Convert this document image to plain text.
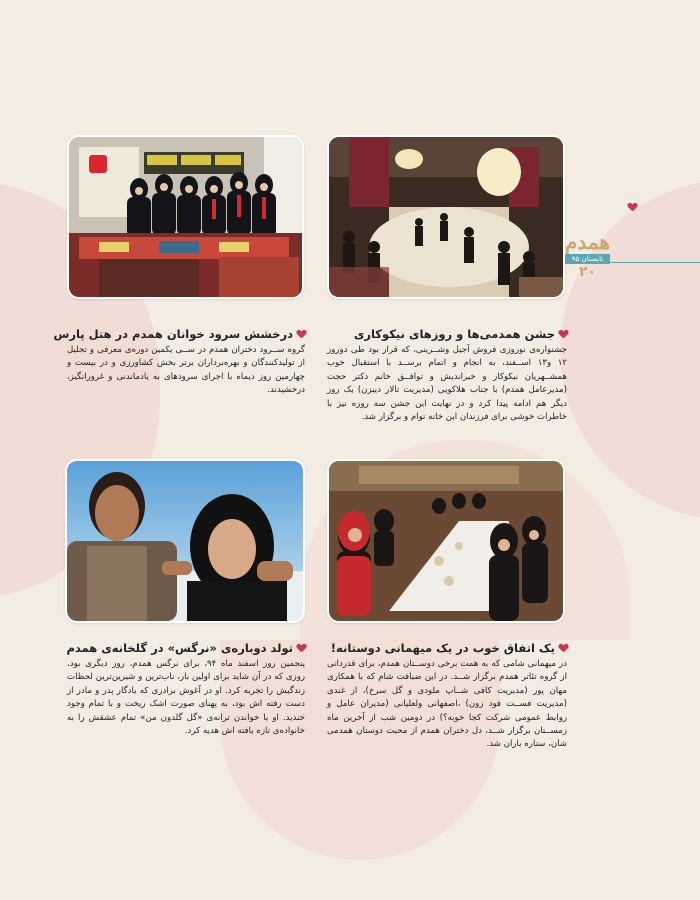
جشن همدمی‌ها و روزهای نیکوکاری

جشنواره‌ی نوروزی فروش آجیل وشــرینی، که قرار بود طی دوروز ۱۲ و۱۳ اســفند، به انجام و اتمام برســد با استقبال خوب همشــهریان نیکوکار و خیراندیش و توافــق خانم دکتر حجت (مدیرعامل همدم) با جناب هلاکویی (مدیریت تالار دیبزن) یک روز دیگر هم ادامه پیدا کرد و در نهایت این جشن سه روزه نیز با خاطرات خوشی برای فرزندان این خانه توام و برگزار شد.

درخشش سرود خوانان همدم در هتل پارس

گروه ســرود دختران همدم در ســی یکمین دوره‌ی معرفی و تجلیل از تولیدکنندگان و بهره‌برداران برتر بخش کشاورزی و در بیست و چهارمین روز دیماه با اجرای سرودهای به یادماندنی و غرورانگیز، درخشیدند.

یک اتفاق خوب در یک میهمانی دوستانه!

در میهمانی شامی که به همت برخی دوســتان همدم، برای قدردانی از گروه تئاتر همدم برگزار شــد. در این ضیافت شام که با همکاری مهان پور (مدیریت کافی شــاپ ملودی و گل سرخ)، از غندی (مدیریت فســت فود زون) ،اصفهانی ولعلیانی (مدیران عامل و روابط عمومی شرکت کجا خوبه؟) در دومین شب از آخرین ماه زمســتان برگزار شــد، دل دختران همدم از محبت دوستان همدمی شان، ستاره باران شد.

تولد دوباره‌ی «نرگس» در گلخانه‌ی همدم

پنجمین روز اسفند ماه ۹۴، برای نرگس همدم، روز دیگری بود، روزی که در آن شاید برای اولین بار، ناب‌ترین و شیرین‌ترین لحظات زندگیش را تجربه کرد. او در آغوش برادری که یادگار پدر و مادر از دست رفته اش بود، به پهنای صورت اشک ریخت و با تمام وجود خندید. او با خواندن ترانه‌ی «گل گلدون من» تمام عشقش را به خانواده‌ی تازه یافته اش هدیه کرد.

همدم
تابستان ۹۵
۲۰
